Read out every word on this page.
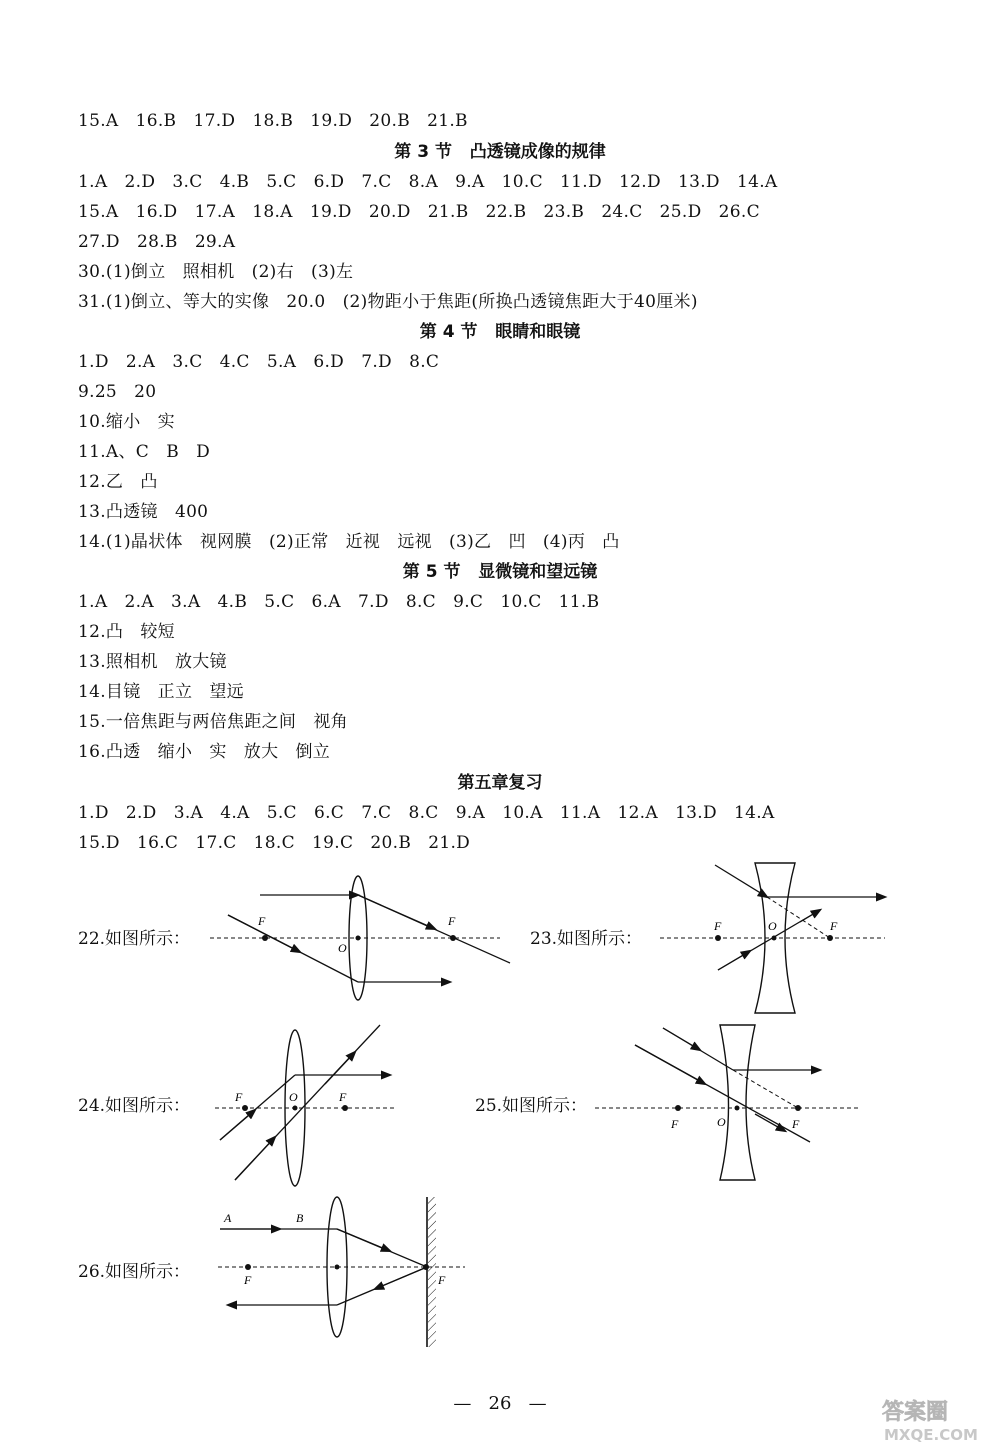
15.A   16.B   17.D   18.B   19.D   20.B   21.B
第 3 节   凸透镜成像的规律
1.A   2.D   3.C   4.B   5.C   6.D   7.C   8.A   9.A   10.C   11.D   12.D   13.D   14.A
15.A   16.D   17.A   18.A   19.D   20.D   21.B   22.B   23.B   24.C   25.D   26.C
27.D   28.B   29.A
30.(1)倒立   照相机   (2)右   (3)左
31.(1)倒立、等大的实像   20.0   (2)物距小于焦距(所换凸透镜焦距大于40厘米)
第 4 节   眼睛和眼镜
1.D   2.A   3.C   4.C   5.A   6.D   7.D   8.C
9.25   20
10.缩小   实
11.A、C   B   D
12.乙   凸
13.凸透镜   400
14.(1)晶状体   视网膜   (2)正常   近视   远视   (3)乙   凹   (4)丙   凸
第 5 节   显微镜和望远镜
1.A   2.A   3.A   4.B   5.C   6.A   7.D   8.C   9.C   10.C   11.B
12.凸   较短
13.照相机   放大镜
14.目镜   正立   望远
15.一倍焦距与两倍焦距之间   视角
16.凸透   缩小   实   放大   倒立
第五章复习
1.D   2.D   3.A   4.A   5.C   6.C   7.C   8.C   9.A   10.A   11.A   12.A   13.D   14.A
15.D   16.C   17.C   18.C   19.C   20.B   21.D
22.如图所示：
F	F
O	23.如图所示：
F	O	F
24.如图所示：	F	O	F	25.如图所示：
F	O	F
26.如图所示：
A	B
F	F
—   26   —	答案圈
MXQE.COM
